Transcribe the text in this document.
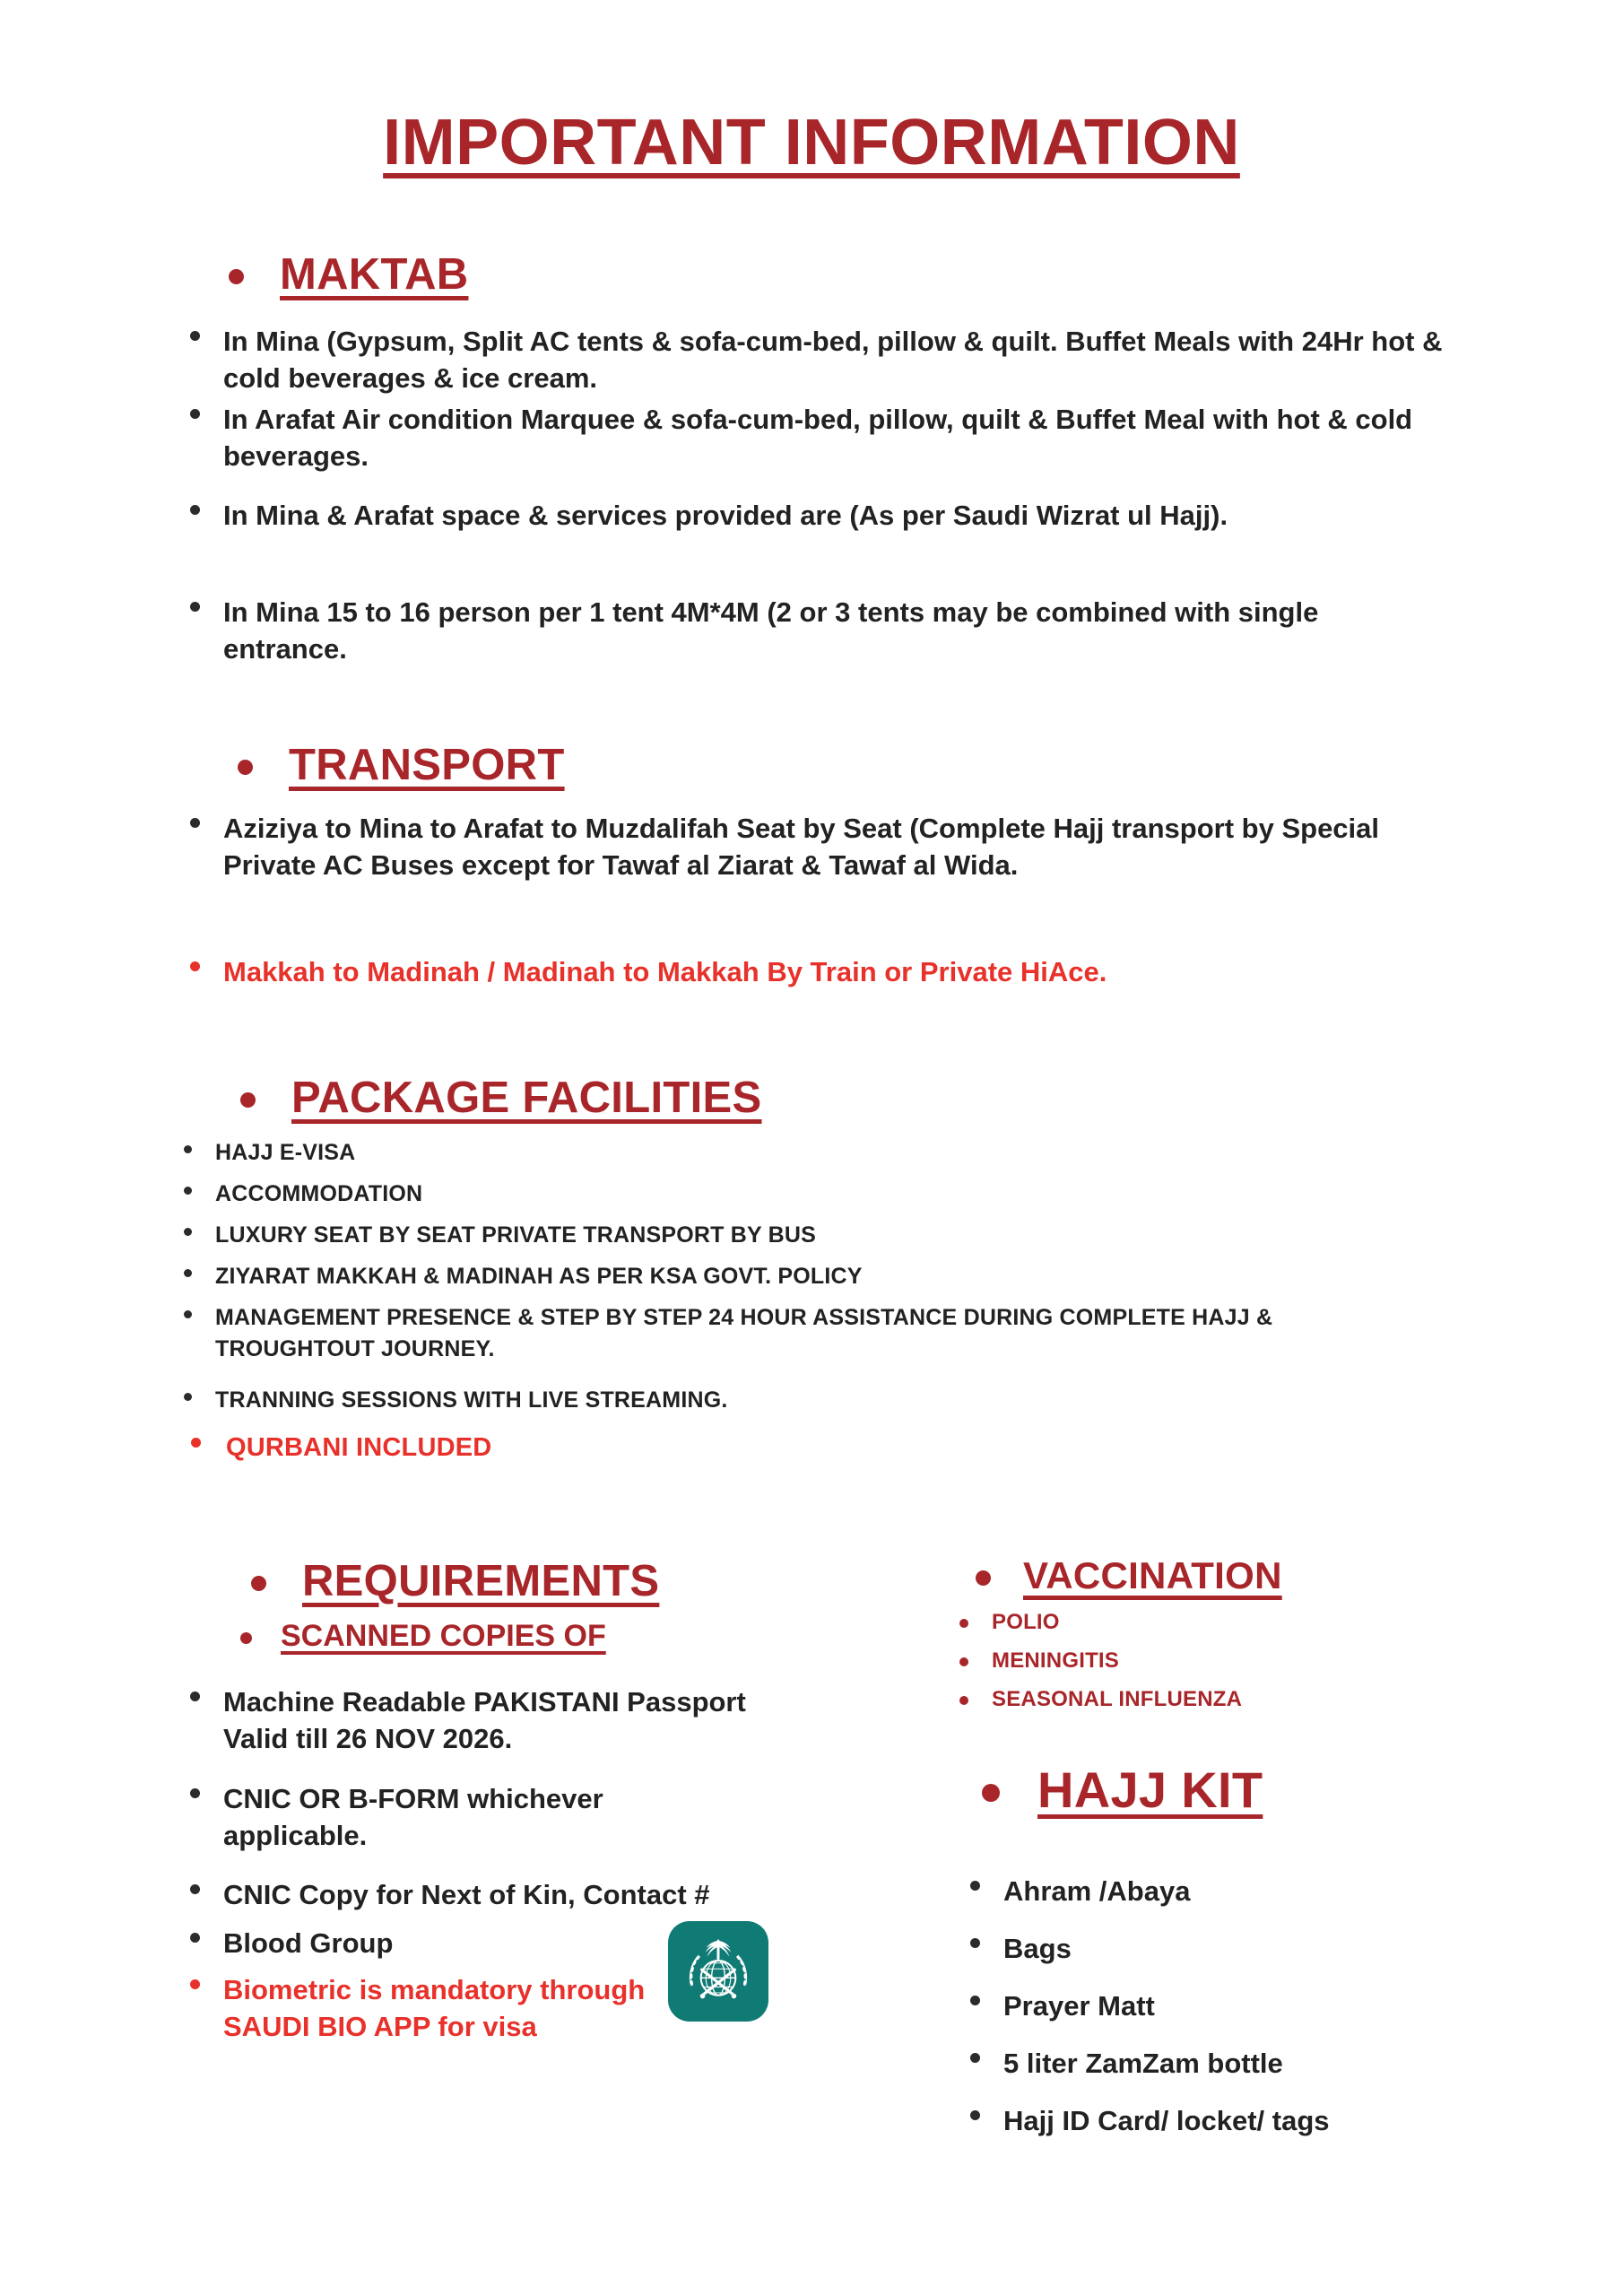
IMPORTANT INFORMATION
MAKTAB
In Mina (Gypsum, Split AC tents & sofa-cum-bed, pillow & quilt. Buffet Meals with 24Hr hot & cold beverages & ice cream.
In Arafat Air condition Marquee & sofa-cum-bed, pillow, quilt & Buffet Meal with hot & cold beverages.
In Mina & Arafat space & services provided are (As per Saudi Wizrat ul Hajj).
In Mina 15 to 16 person per 1 tent 4M*4M (2 or 3 tents may be combined with single entrance.
TRANSPORT
Aziziya to Mina to Arafat to Muzdalifah Seat by Seat (Complete Hajj transport by Special Private AC Buses except for Tawaf al Ziarat & Tawaf al Wida.
Makkah to Madinah / Madinah to Makkah By Train or Private HiAce.
PACKAGE FACILITIES
HAJJ E-VISA
ACCOMMODATION
LUXURY SEAT BY SEAT PRIVATE TRANSPORT BY BUS
ZIYARAT MAKKAH & MADINAH AS PER KSA GOVT. POLICY
MANAGEMENT PRESENCE & STEP BY STEP 24 HOUR ASSISTANCE DURING COMPLETE HAJJ & TROUGHTOUT JOURNEY.
TRANNING SESSIONS WITH LIVE STREAMING.
QURBANI INCLUDED
REQUIREMENTS
SCANNED COPIES OF
Machine Readable PAKISTANI Passport Valid till 26 NOV 2026.
CNIC OR B-FORM whichever applicable.
CNIC Copy for Next of Kin, Contact #
Blood Group
Biometric is mandatory through SAUDI BIO APP for visa
VACCINATION
POLIO
MENINGITIS
SEASONAL INFLUENZA
HAJJ KIT
Ahram /Abaya
Bags
Prayer Matt
5 liter ZamZam bottle
Hajj ID Card/ locket/ tags
